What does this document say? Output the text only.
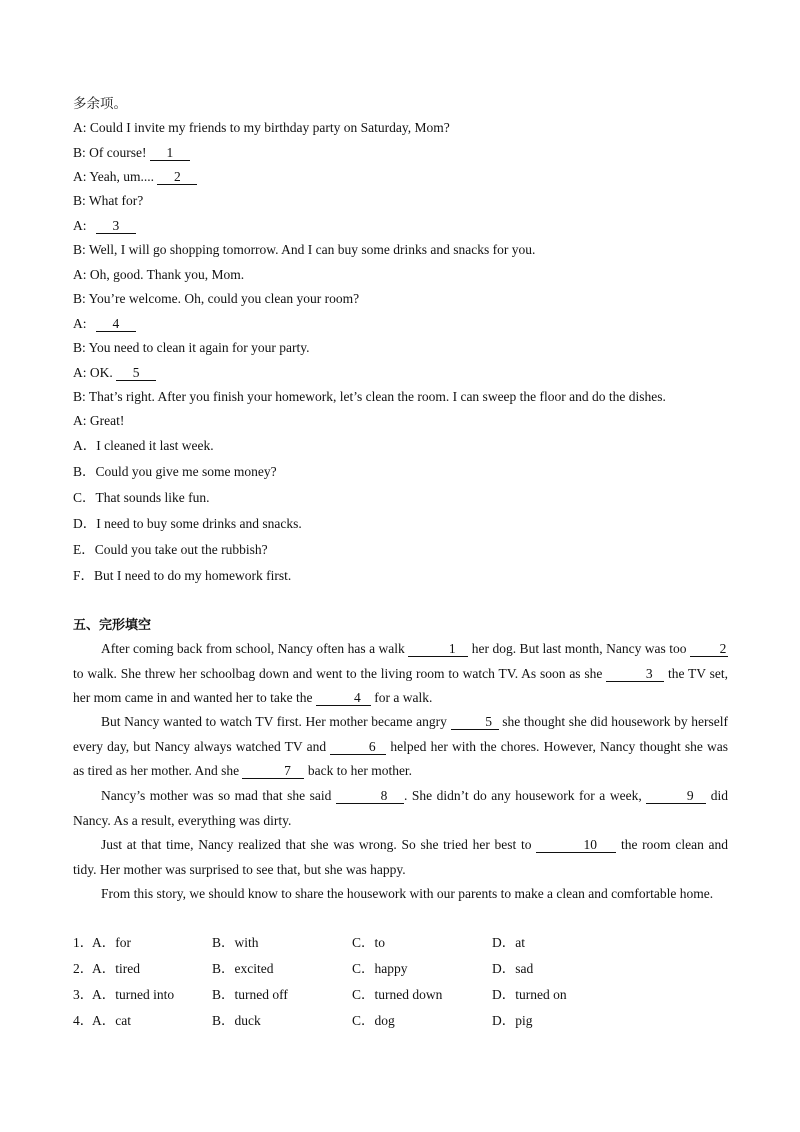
多余项。
A: Could I invite my friends to my birthday party on Saturday, Mom?
B: Of course! 1
A: Yeah, um.... 2
B: What for?
A: 3
B: Well, I will go shopping tomorrow. And I can buy some drinks and snacks for you.
A: Oh, good. Thank you, Mom.
B: You’re welcome. Oh, could you clean your room?
A: 4
B: You need to clean it again for your party.
A: OK. 5
B: That’s right. After you finish your homework, let’s clean the room. I can sweep the floor and do the dishes.
A: Great!
A．I cleaned it last week.
B．Could you give me some money?
C．That sounds like fun.
D．I need to buy some drinks and snacks.
E．Could you take out the rubbish?
F．But I need to do my homework first.
五、完形填空
After coming back from school, Nancy often has a walk	1 her dog. But last month, Nancy was too 2 to walk. She threw her schoolbag down and went to the living room to watch TV. As soon as she	3 the TV set, her mom came in and wanted her to take the	4 for a walk.
But Nancy wanted to watch TV first. Her mother became angry	5 she thought she did housework by herself every day, but Nancy always watched TV and	6 helped her with the chores. However, Nancy thought she was as tired as her mother. And she	7 back to her mother.
Nancy’s mother was so mad that she said	8 . She didn’t do any housework for a week,	9 did Nancy. As a result, everything was dirty.
Just at that time, Nancy realized that she was wrong. So she tried her best to	10 the room clean and tidy. Her mother was surprised to see that, but she was happy.
From this story, we should know to share the housework with our parents to make a clean and comfortable home.
1．
A．for	B．with	C．to	D．at
2．
A．tired	B．excited	C．happy	D．sad
3．
A．turned into	B．turned off	C．turned down	D．turned on
4．
A．cat	B．duck	C．dog	D．pig
